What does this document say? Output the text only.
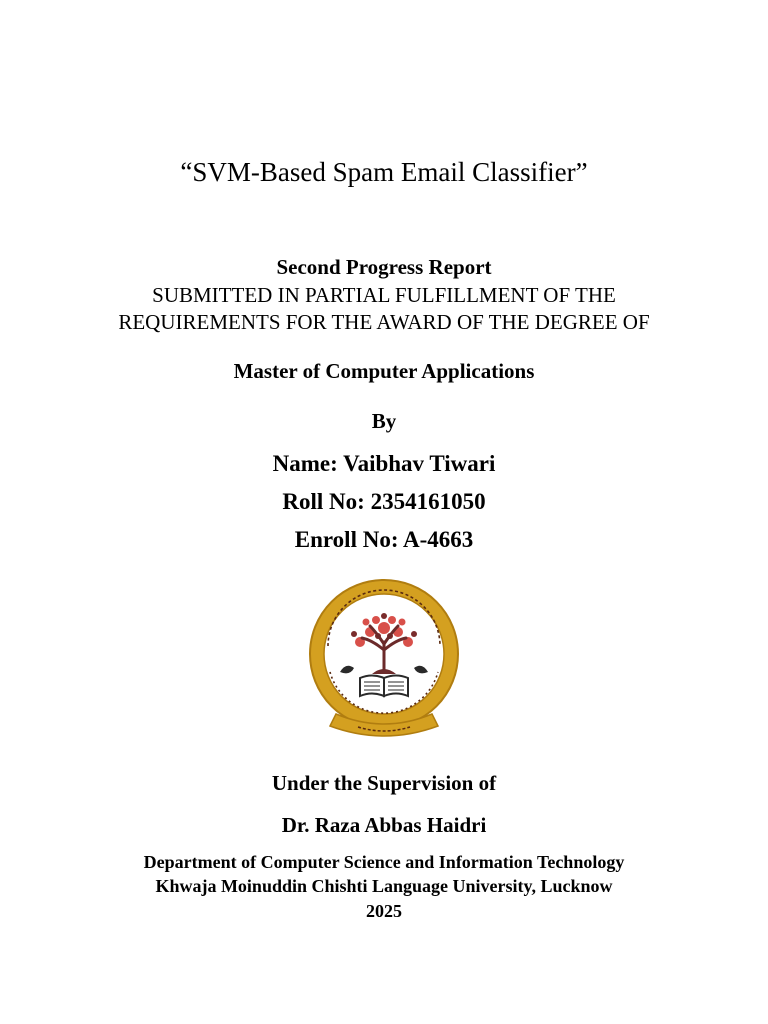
“SVM-Based Spam Email Classifier”
Second Progress Report
SUBMITTED IN PARTIAL FULFILLMENT OF THE
REQUIREMENTS FOR THE AWARD OF THE DEGREE OF
Master of Computer Applications
By
Name: Vaibhav Tiwari
Roll No: 2354161050
Enroll No: A-4663
Under the Supervision of
Dr. Raza Abbas Haidri
Department of Computer Science and Information Technology
Khwaja Moinuddin Chishti Language University, Lucknow
2025
